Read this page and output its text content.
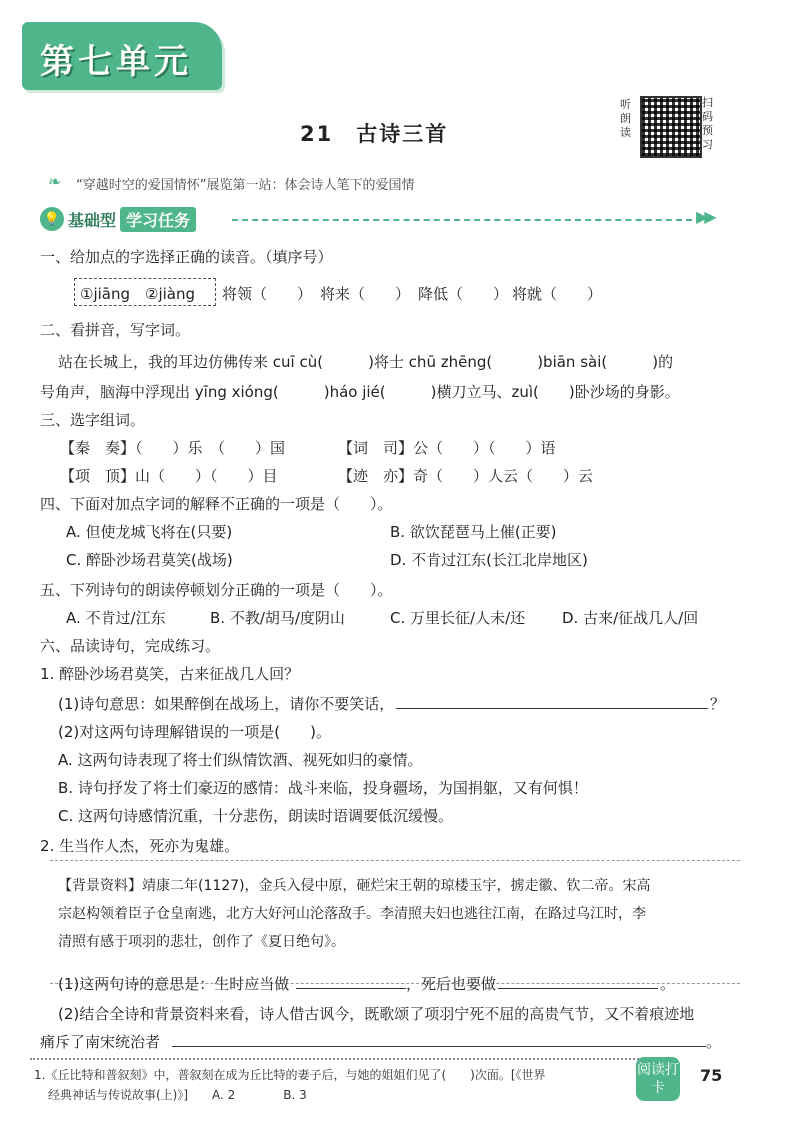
第七单元
21　古诗三首
听朗读
扫码预习
❧ “穿越时空的爱国情怀”展览第一站：体会诗人笔下的爱国情
💡 基础型 学习任务	▶▶
一、给加点的字选择正确的读音。（填序号）
①jiāng　②jiàng 将领（　　） 将来（　　） 降低（　　） 将就（　　）
二、看拼音，写字词。
站在长城上，我的耳边仿佛传来 cuī cù(　　　)将士 chū zhēng(　　　)biān sài(　　　)的
号角声，脑海中浮现出 yīng xióng(　　　)háo jié(　　　)横刀立马、zuì(　　)卧沙场的身影。
三、选字组词。
【秦　奏】（　　）乐　（　　）国	【词　司】公（　　）（　　）语
【项　顶】山（　　）（　　）目	【迹　亦】奇（　　）人云（　　）云
四、下面对加点字词的解释不正确的一项是（　　）。
A. 但使龙城飞将在(只要)	B. 欲饮琵琶马上催(正要)
C. 醉卧沙场君莫笑(战场)	D. 不肯过江东(长江北岸地区)
五、下列诗句的朗读停顿划分正确的一项是（　　）。
A. 不肯过/江东	B. 不教/胡马/度阴山	C. 万里长征/人未/还 D. 古来/征战几人/回
六、品读诗句，完成练习。
1. 醉卧沙场君莫笑，古来征战几人回？
(1)诗句意思：如果醉倒在战场上，请你不要笑话，	？
(2)对这两句诗理解错误的一项是(　　)。
A. 这两句诗表现了将士们纵情饮酒、视死如归的豪情。
B. 诗句抒发了将士们豪迈的感情：战斗来临，投身疆场，为国捐躯，又有何惧！
C. 这两句诗感情沉重，十分悲伤，朗读时语调要低沉缓慢。
2. 生当作人杰，死亦为鬼雄。
【背景资料】靖康二年(1127)，金兵入侵中原，砸烂宋王朝的琼楼玉宇，掳走徽、钦二帝。宋高
宗赵构领着臣子仓皇南逃，北方大好河山沦落敌手。李清照夫妇也逃往江南，在路过乌江时，李
清照有感于项羽的悲壮，创作了《夏日绝句》。
(1)这两句诗的意思是：生时应当做	，死后也要做	。
(2)结合全诗和背景资料来看，诗人借古讽今，既歌颂了项羽宁死不屈的高贵气节，又不着痕迹地
痛斥了南宋统治者	。
1.《丘比特和普叙刻》中，普叙刻在成为丘比特的妻子后，与她的姐姐们见了(　　)次面。[《世界
经典神话与传说故事(上)》]　　A. 2　　　　B. 3
阅读打卡
75
